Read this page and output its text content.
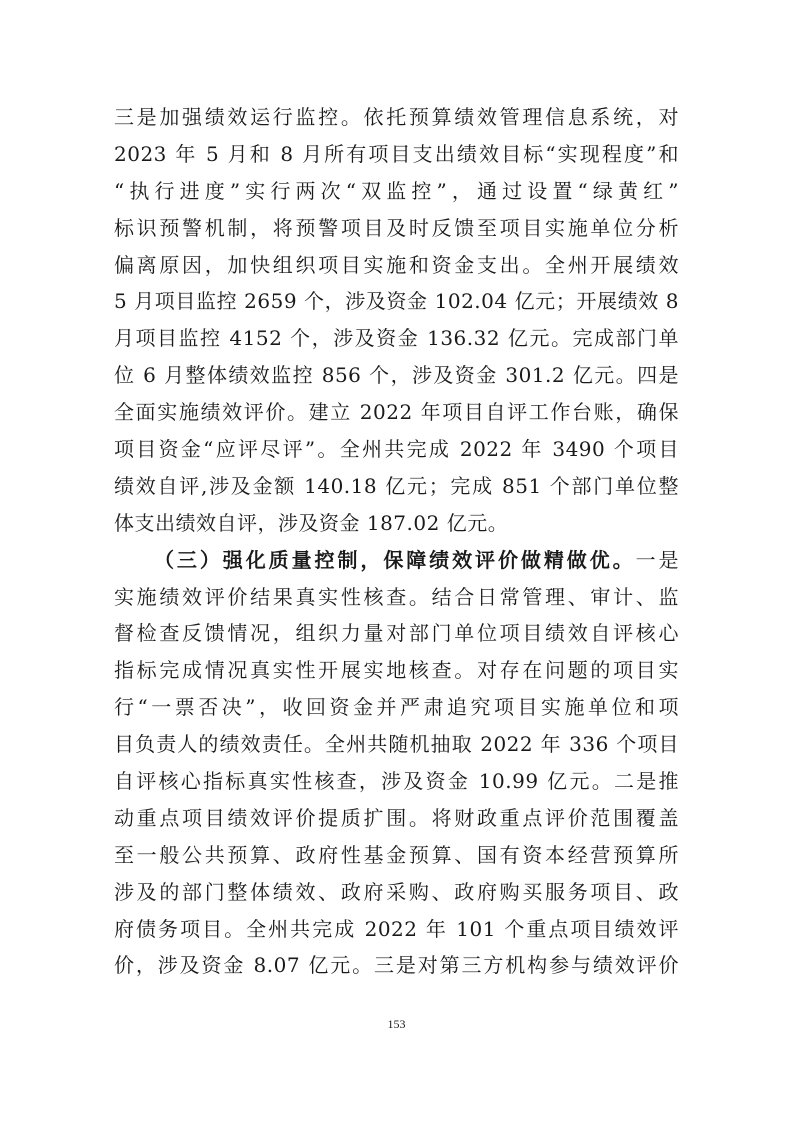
三是加强绩效运行监控。依托预算绩效管理信息系统，对
2023 年 5 月和 8 月所有项目支出绩效目标“实现程度”和
“执行进度”实行两次“双监控”，通过设置“绿黄红”
标识预警机制，将预警项目及时反馈至项目实施单位分析
偏离原因，加快组织项目实施和资金支出。全州开展绩效
5 月项目监控 2659 个，涉及资金 102.04 亿元；开展绩效 8
月项目监控 4152 个，涉及资金 136.32 亿元。完成部门单
位 6 月整体绩效监控 856 个，涉及资金 301.2 亿元。四是
全面实施绩效评价。建立 2022 年项目自评工作台账，确保
项目资金“应评尽评”。全州共完成 2022 年 3490 个项目
绩效自评,涉及金额 140.18 亿元；完成 851 个部门单位整
体支出绩效自评，涉及资金 187.02 亿元。
（三）强化质量控制，保障绩效评价做精做优。一是
实施绩效评价结果真实性核查。结合日常管理、审计、监
督检查反馈情况，组织力量对部门单位项目绩效自评核心
指标完成情况真实性开展实地核查。对存在问题的项目实
行“一票否决”，收回资金并严肃追究项目实施单位和项
目负责人的绩效责任。全州共随机抽取 2022 年 336 个项目
自评核心指标真实性核查，涉及资金 10.99 亿元。二是推
动重点项目绩效评价提质扩围。将财政重点评价范围覆盖
至一般公共预算、政府性基金预算、国有资本经营预算所
涉及的部门整体绩效、政府采购、政府购买服务项目、政
府债务项目。全州共完成 2022 年 101 个重点项目绩效评
价，涉及资金 8.07 亿元。三是对第三方机构参与绩效评价
153
